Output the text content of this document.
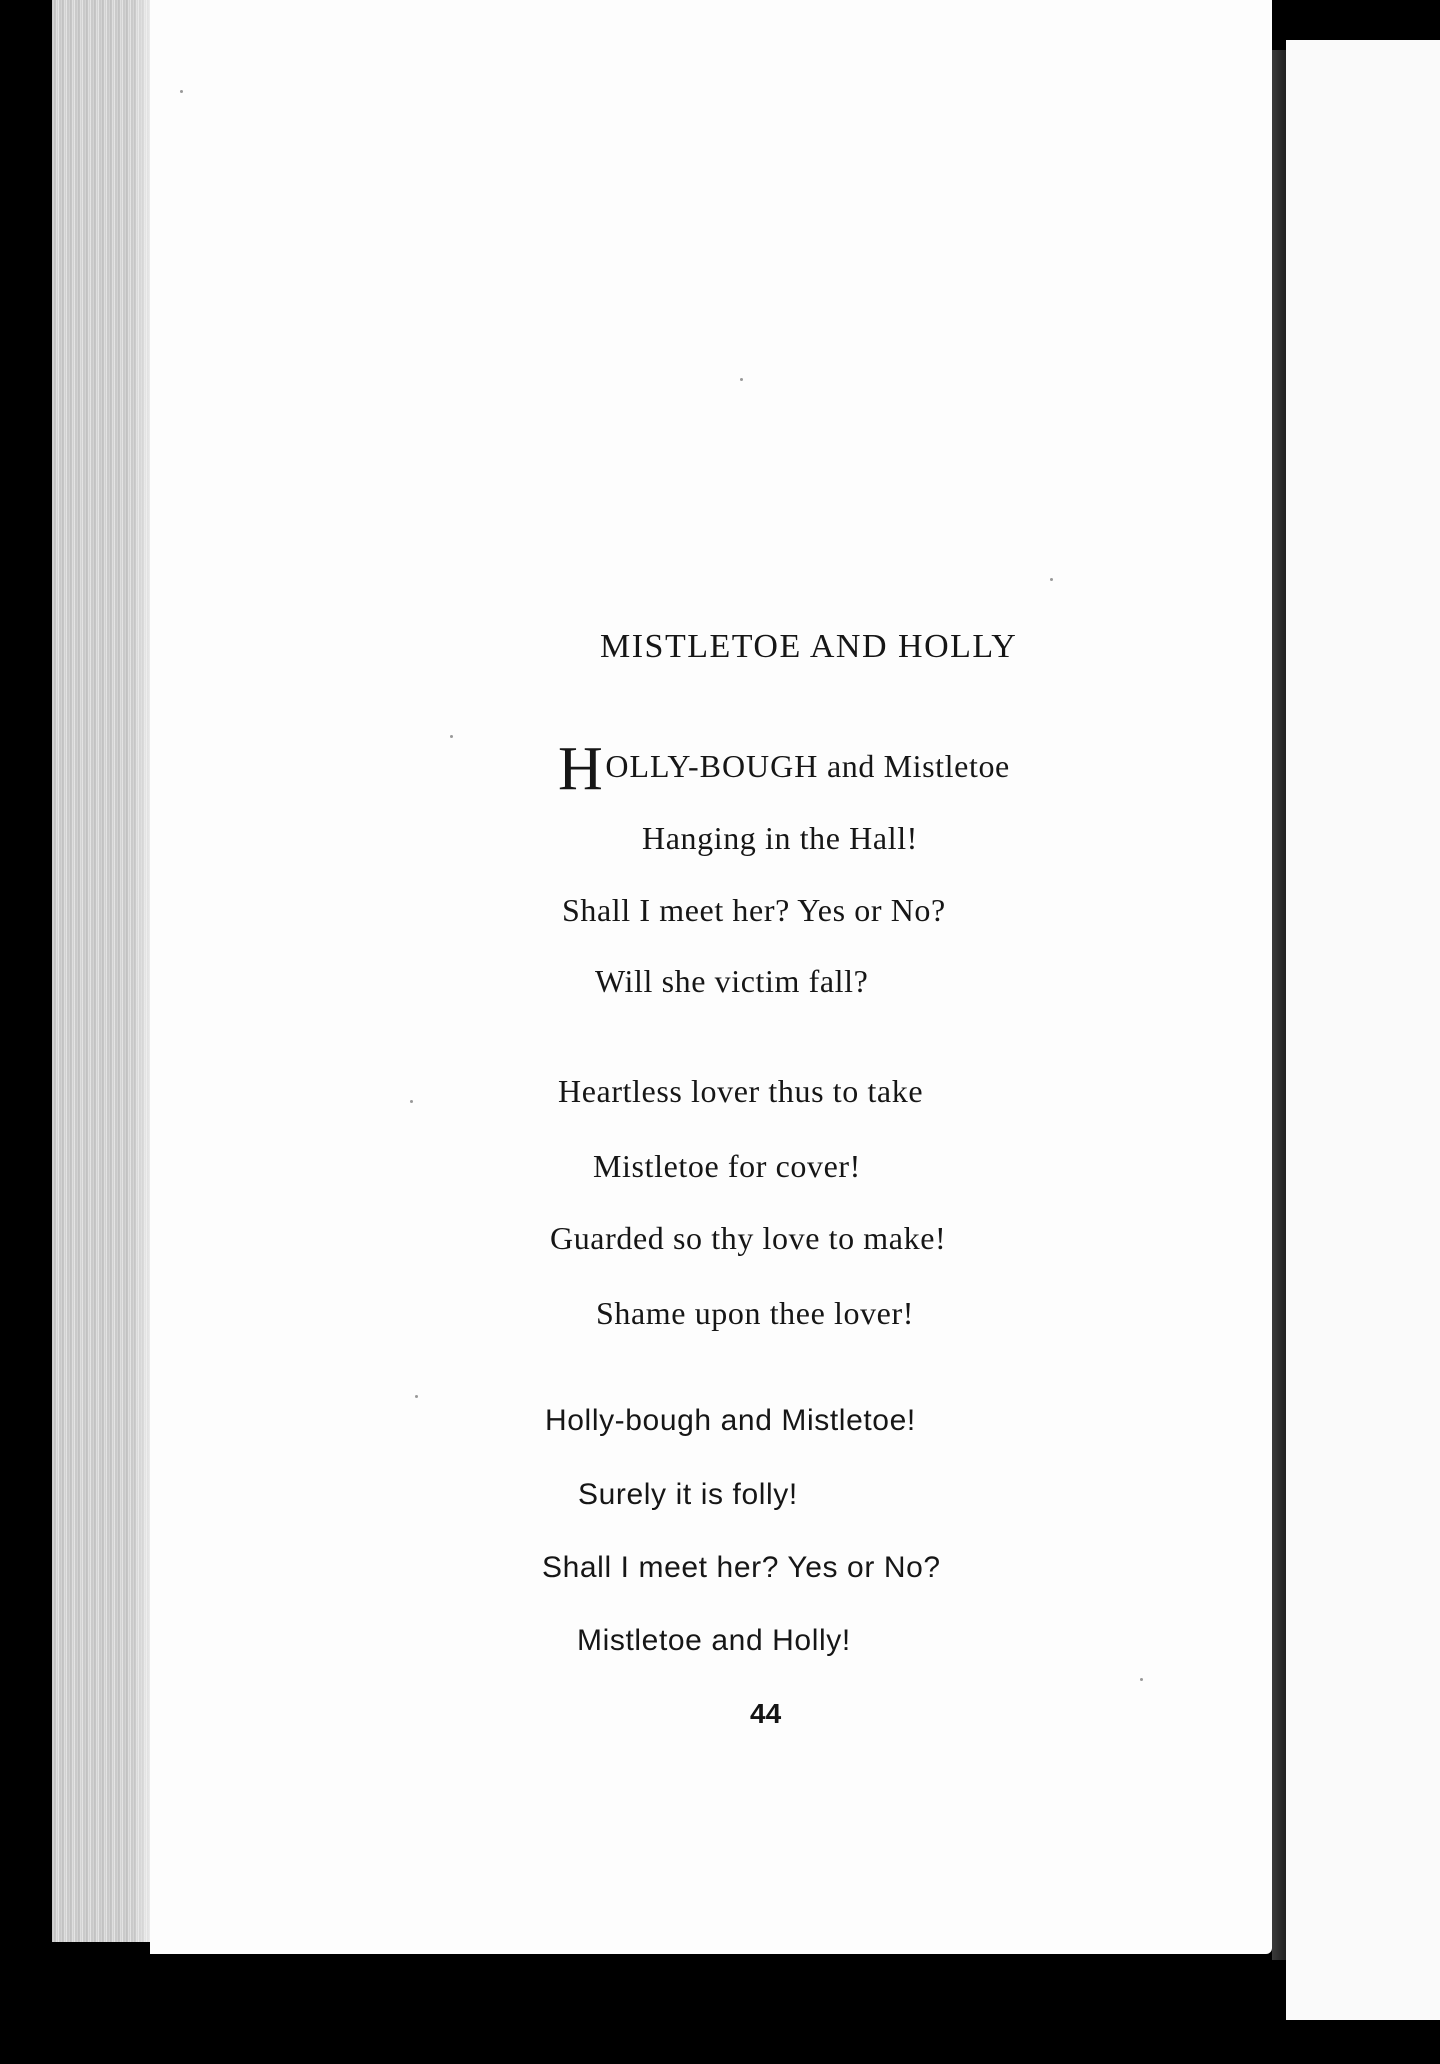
MISTLETOE AND HOLLY
HOLLY-BOUGH and Mistletoe
Hanging in the Hall!
Shall I meet her? Yes or No?
Will she victim fall?
Heartless lover thus to take
Mistletoe for cover!
Guarded so thy love to make!
Shame upon thee lover!
Holly-bough and Mistletoe!
Surely it is folly!
Shall I meet her? Yes or No?
Mistletoe and Holly!
44
